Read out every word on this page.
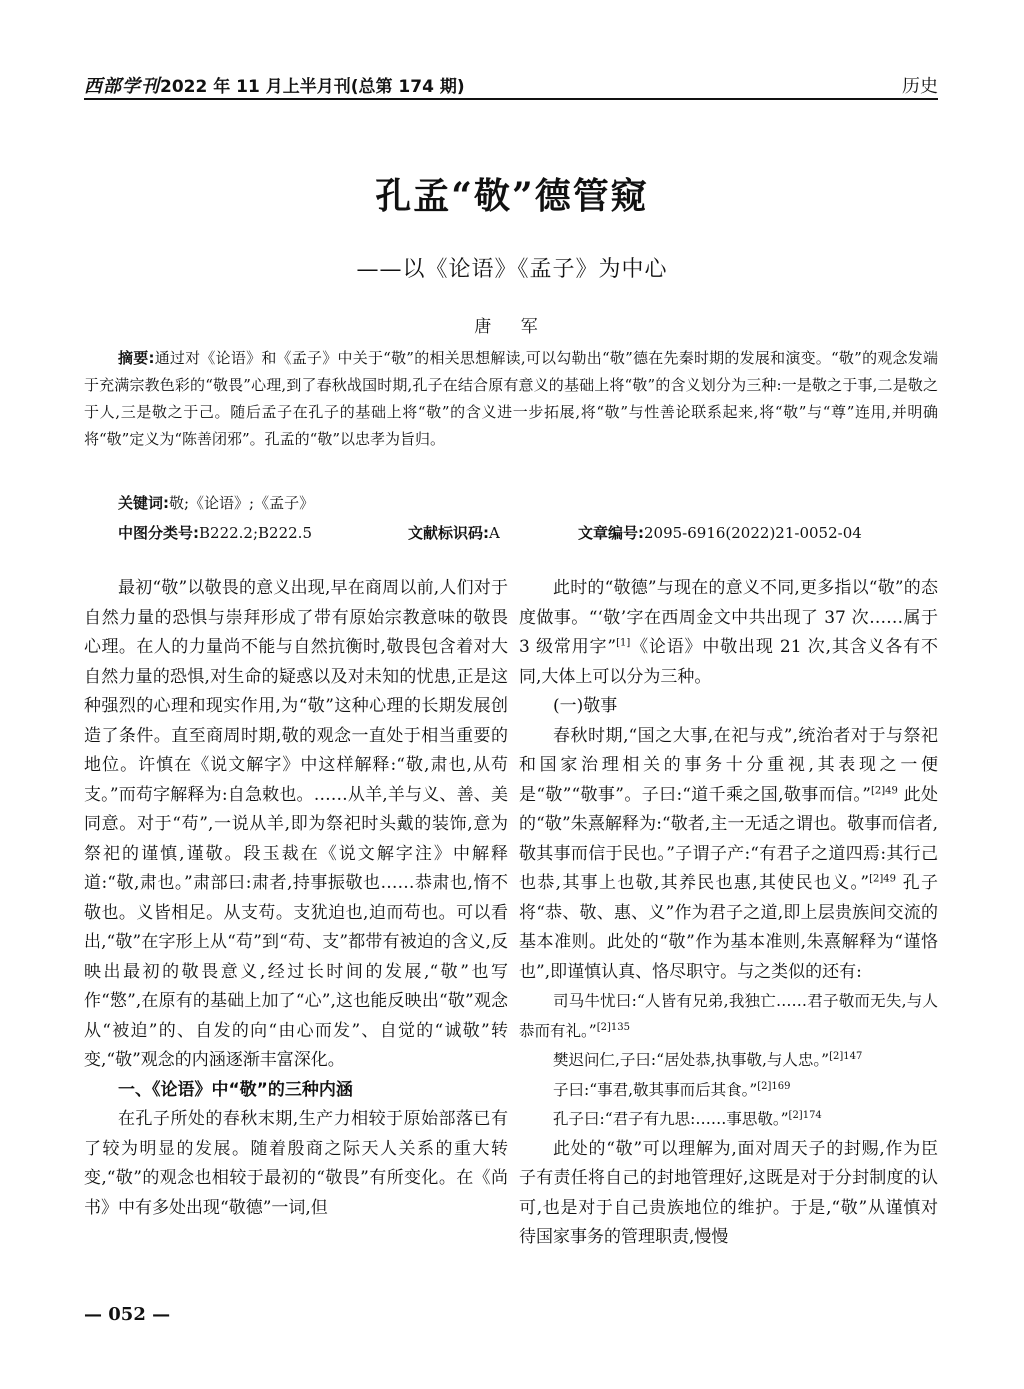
西部学刊 2022 年 11 月上半月刊(总第 174 期)	历史
孔孟“敬”德管窥
——以《论语》《孟子》为中心
唐 军
摘要:通过对《论语》和《孟子》中关于“敬”的相关思想解读,可以勾勒出“敬”德在先秦时期的发展和演变。“敬”的观念发端于充满宗教色彩的“敬畏”心理,到了春秋战国时期,孔子在结合原有意义的基础上将“敬”的含义划分为三种:一是敬之于事,二是敬之于人,三是敬之于己。随后孟子在孔子的基础上将“敬”的含义进一步拓展,将“敬”与性善论联系起来,将“敬”与“尊”连用,并明确将“敬”定义为“陈善闭邪”。孔孟的“敬”以忠孝为旨归。
关键词:敬;《论语》;《孟子》
中图分类号:B222.2;B222.5	文献标识码:A	文章编号:2095-6916(2022)21-0052-04

最初“敬”以敬畏的意义出现,早在商周以前,人们对于自然力量的恐惧与崇拜形成了带有原始宗教意味的敬畏心理。在人的力量尚不能与自然抗衡时,敬畏包含着对大自然力量的恐惧,对生命的疑惑以及对未知的忧患,正是这种强烈的心理和现实作用,为“敬”这种心理的长期发展创造了条件。直至商周时期,敬的观念一直处于相当重要的地位。许慎在《说文解字》中这样解释:“敬,肃也,从苟支。”而苟字解释为:自急敕也。……从羊,羊与义、善、美同意。对于“苟”,一说从羊,即为祭祀时头戴的装饰,意为祭祀的谨慎,谨敬。段玉裁在《说文解字注》中解释道:“敬,肃也。”肃部曰:肃者,持事振敬也……恭肃也,惰不敬也。义皆相足。从支苟。支犹迫也,迫而苟也。可以看出,“敬”在字形上从“苟”到“苟、支”都带有被迫的含义,反映出最初的敬畏意义,经过长时间的发展,“敬”也写作“憼”,在原有的基础上加了“心”,这也能反映出“敬”观念从“被迫”的、自发的向“由心而发”、自觉的“诚敬”转变,“敬”观念的内涵逐渐丰富深化。

一、《论语》中“敬”的三种内涵

在孔子所处的春秋末期,生产力相较于原始部落已有了较为明显的发展。随着殷商之际天人关系的重大转变,“敬”的观念也相较于最初的“敬畏”有所变化。在《尚书》中有多处出现“敬德”一词,但

此时的“敬德”与现在的意义不同,更多指以“敬”的态度做事。“‘敬’字在西周金文中共出现了 37 次……属于 3 级常用字”[1]《论语》中敬出现 21 次,其含义各有不同,大体上可以分为三种。

(一)敬事

春秋时期,“国之大事,在祀与戎”,统治者对于与祭祀和国家治理相关的事务十分重视,其表现之一便是“敬”“敬事”。子曰:“道千乘之国,敬事而信。”$^{[2]49}$ 此处的“敬”朱熹解释为:“敬者,主一无适之谓也。敬事而信者,敬其事而信于民也。”子谓子产:“有君子之道四焉:其行己也恭,其事上也敬,其养民也惠,其使民也义。”$^{[2]49}$ 孔子将“恭、敬、惠、义”作为君子之道,即上层贵族间交流的基本准则。此处的“敬”作为基本准则,朱熹解释为“谨恪也”,即谨慎认真、恪尽职守。与之类似的还有:

司马牛忧曰:“人皆有兄弟,我独亡……君子敬而无失,与人恭而有礼。”$^{[2]135}$

樊迟问仁,子曰:“居处恭,执事敬,与人忠。”$^{[2]147}$

子曰:“事君,敬其事而后其食。”$^{[2]169}$

孔子曰:“君子有九思:……事思敬。”$^{[2]174}$

此处的“敬”可以理解为,面对周天子的封赐,作为臣子有责任将自己的封地管理好,这既是对于分封制度的认可,也是对于自己贵族地位的维护。于是,“敬”从谨慎对待国家事务的管理职责,慢慢

— 052 —
